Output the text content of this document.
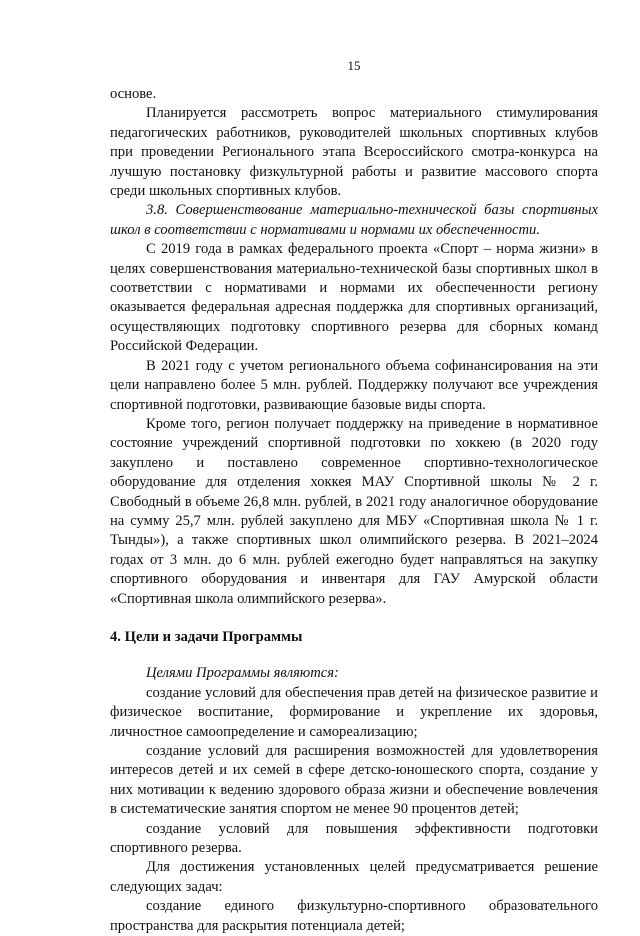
15

основе.

Планируется рассмотреть вопрос материального стимулирования педагогических работников, руководителей школьных спортивных клубов при проведении Регионального этапа Всероссийского смотра-конкурса на лучшую постановку физкультурной работы и развитие массового спорта среди школьных спортивных клубов.

3.8. Совершенствование материально-технической базы спортивных школ в соответствии с нормативами и нормами их обеспеченности.

С 2019 года в рамках федерального проекта «Спорт – норма жизни» в целях совершенствования материально-технической базы спортивных школ в соответствии с нормативами и нормами их обеспеченности региону оказывается федеральная адресная поддержка для спортивных организаций, осуществляющих подготовку спортивного резерва для сборных команд Российской Федерации.

В 2021 году с учетом регионального объема софинансирования на эти цели направлено более 5 млн. рублей. Поддержку получают все учреждения спортивной подготовки, развивающие базовые виды спорта.

Кроме того, регион получает поддержку на приведение в нормативное состояние учреждений спортивной подготовки по хоккею (в 2020 году закуплено и поставлено современное спортивно-технологическое оборудование для отделения хоккея МАУ Спортивной школы № 2 г. Свободный в объеме 26,8 млн. рублей, в 2021 году аналогичное оборудование на сумму 25,7 млн. рублей закуплено для МБУ «Спортивная школа № 1 г. Тынды»), а также спортивных школ олимпийского резерва. В 2021–2024 годах от 3 млн. до 6 млн. рублей ежегодно будет направляться на закупку спортивного оборудования и инвентаря для ГАУ Амурской области «Спортивная школа олимпийского резерва».

4. Цели и задачи Программы

Целями Программы являются:

создание условий для обеспечения прав детей на физическое развитие и физическое воспитание, формирование и укрепление их здоровья, личностное самоопределение и самореализацию;

создание условий для расширения возможностей для удовлетворения интересов детей и их семей в сфере детско-юношеского спорта, создание у них мотивации к ведению здорового образа жизни и обеспечение вовлечения в систематические занятия спортом не менее 90 процентов детей;

создание условий для повышения эффективности подготовки спортивного резерва.

Для достижения установленных целей предусматривается решение следующих задач:

создание единого физкультурно-спортивного образовательного пространства для раскрытия потенциала детей;
